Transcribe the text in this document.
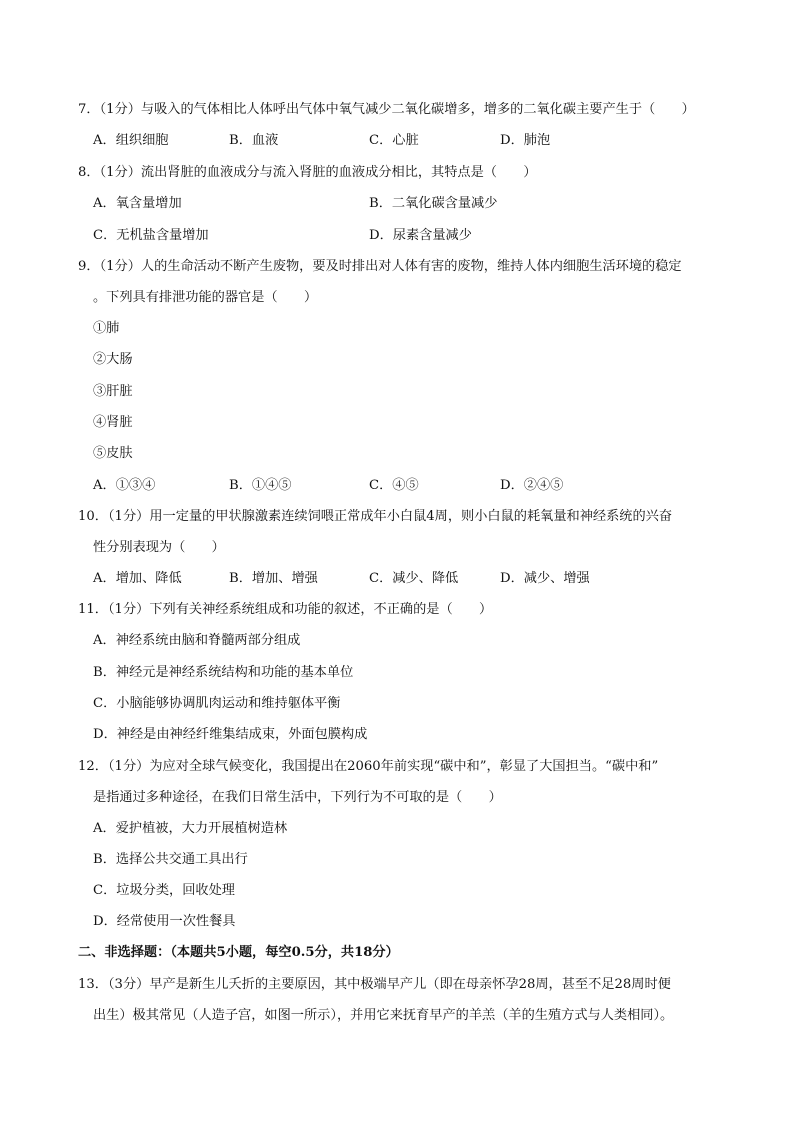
7．（1分）与吸入的气体相比人体呼出气体中氧气减少二氧化碳增多，增多的二氧化碳主要产生于（　　）
A．组织细胞	B．血液	C．心脏	D．肺泡
8．（1分）流出肾脏的血液成分与流入肾脏的血液成分相比，其特点是（　　）
A．氧含量增加	B．二氧化碳含量减少
C．无机盐含量增加	D．尿素含量减少
9．（1分）人的生命活动不断产生废物，要及时排出对人体有害的废物，维持人体内细胞生活环境的稳定
。下列具有排泄功能的器官是（　　）
①肺
②大肠
③肝脏
④肾脏
⑤皮肤
A．①③④	B．①④⑤	C．④⑤	D．②④⑤
10．（1分）用一定量的甲状腺激素连续饲喂正常成年小白鼠4周，则小白鼠的耗氧量和神经系统的兴奋
性分别表现为（　　）
A．增加、降低	B．增加、增强	C．减少、降低	D．减少、增强
11．（1分）下列有关神经系统组成和功能的叙述，不正确的是（　　）
A．神经系统由脑和脊髓两部分组成
B．神经元是神经系统结构和功能的基本单位
C．小脑能够协调肌肉运动和维持躯体平衡
D．神经是由神经纤维集结成束，外面包膜构成
12．（1分）为应对全球气候变化，我国提出在2060年前实现“碳中和”，彰显了大国担当。“碳中和”
是指通过多种途径，在我们日常生活中，下列行为不可取的是（　　）
A．爱护植被，大力开展植树造林
B．选择公共交通工具出行
C．垃圾分类，回收处理
D．经常使用一次性餐具
二、非选择题：（本题共5小题，每空0.5分，共18分）
13．（3分）早产是新生儿夭折的主要原因，其中极端早产儿（即在母亲怀孕28周，甚至不足28周时便
出生）极其常见（人造子宫，如图一所示），并用它来抚育早产的羊羔（羊的生殖方式与人类相同）。
